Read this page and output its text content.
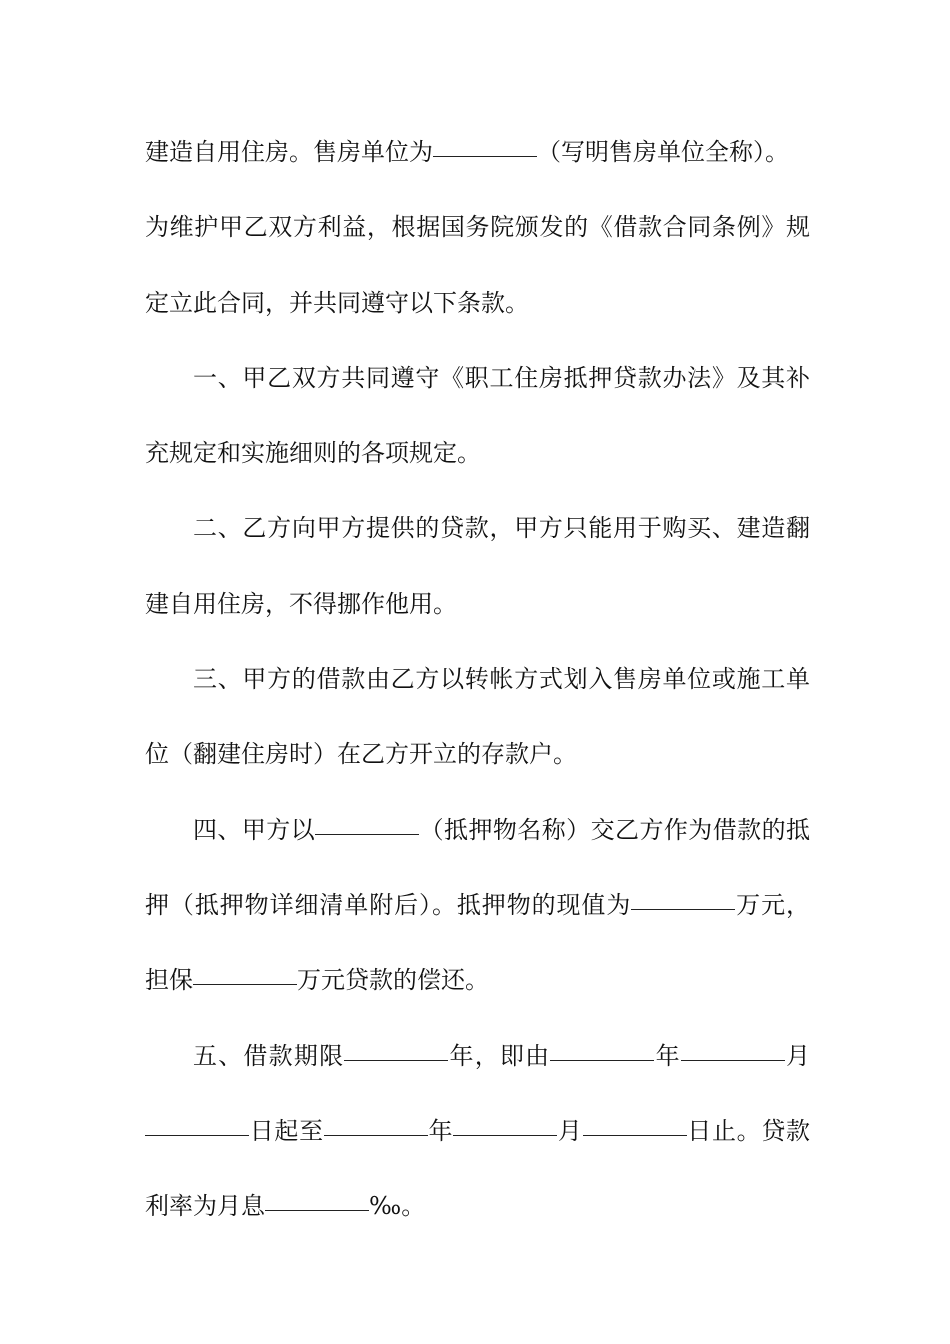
建造自用住房。售房单位为	（写明售房单位全称）。

为维护甲乙双方利益，根据国务院颁发的《借款合同条例》规定立此合同，并共同遵守以下条款。

一、甲乙双方共同遵守《职工住房抵押贷款办法》及其补充规定和实施细则的各项规定。

二、乙方向甲方提供的贷款，甲方只能用于购买、建造翻建自用住房，不得挪作他用。

三、甲方的借款由乙方以转帐方式划入售房单位或施工单位（翻建住房时）在乙方开立的存款户。

四、甲方以	（抵押物名称）交乙方作为借款的抵押（抵押物详细清单附后）。抵押物的现值为	万元，担保	万元贷款的偿还。

五、借款期限	年，即由	年	月日起至	年	月	日止。贷款利率为月息	‰。
